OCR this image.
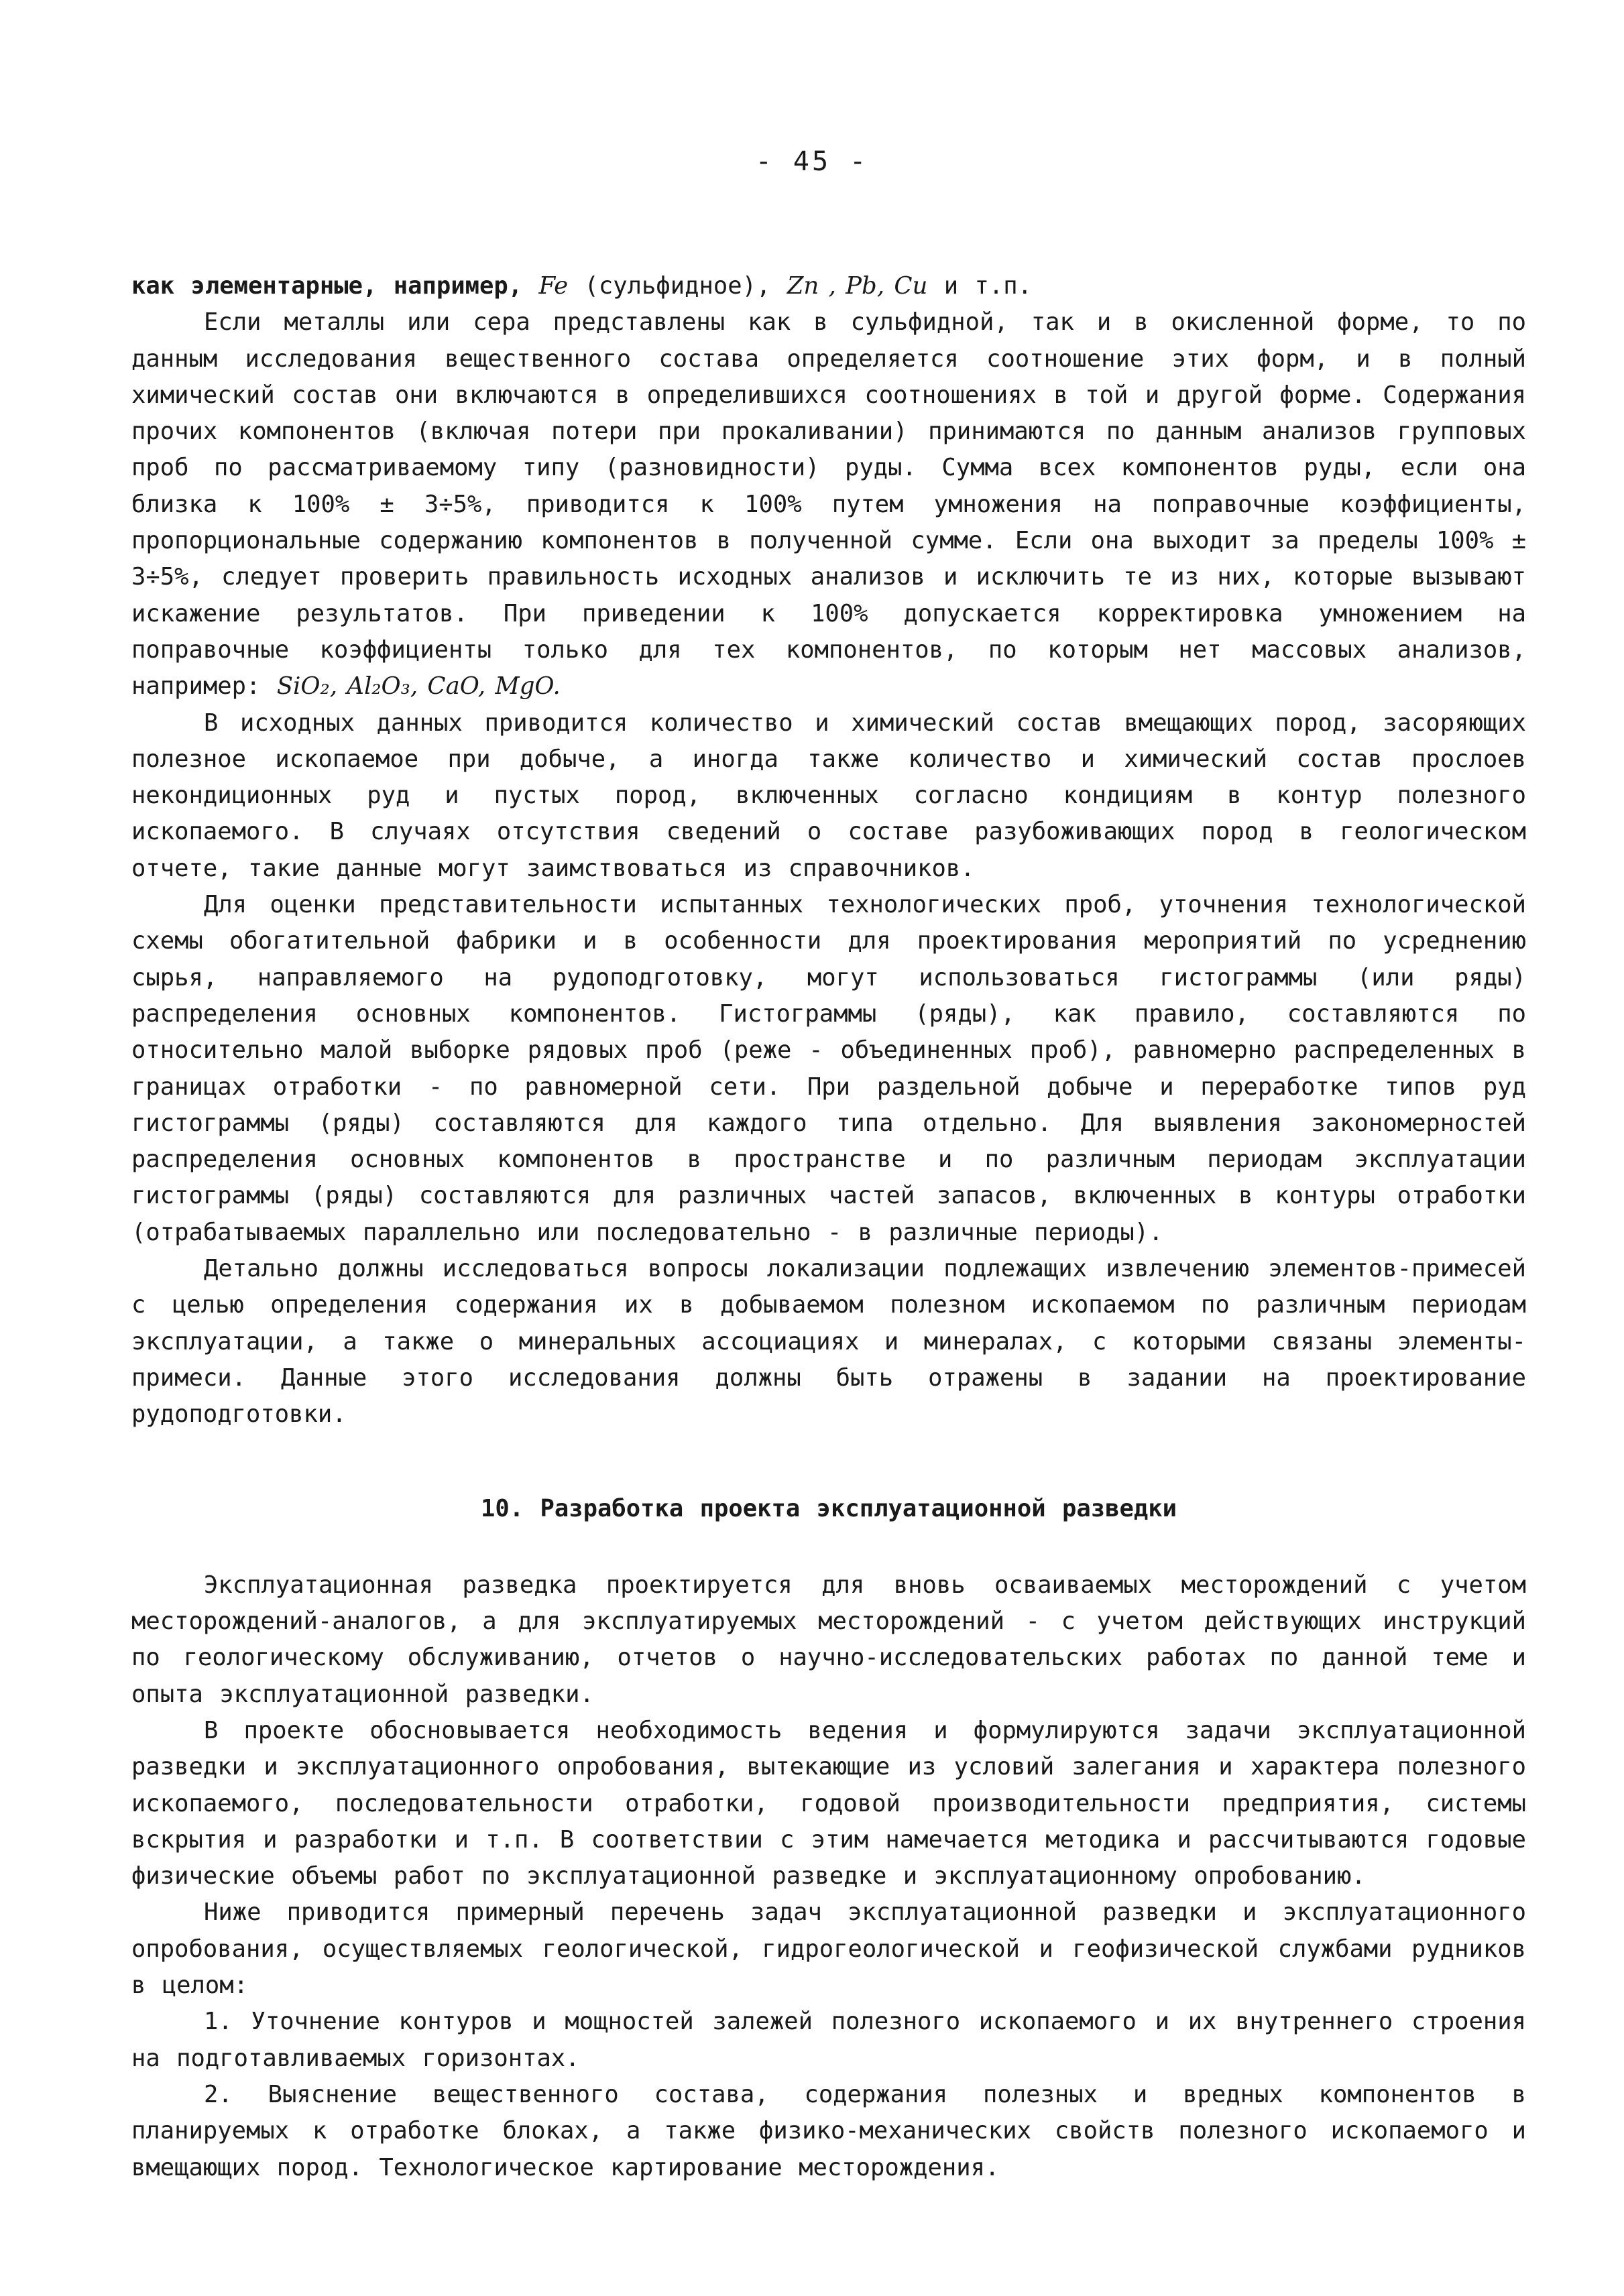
- 45 -

как элементарные, например, Fe (сульфидное), Zn , Pb, Cu и т.п.

Если металлы или сера представлены как в сульфидной, так и в окисленной форме, то по данным исследования вещественного состава определяется соотношение этих форм, и в полный химический состав они включаются в определившихся соотношениях в той и другой форме. Содержания прочих компонентов (включая потери при прокаливании) принимаются по данным анализов групповых проб по рассматриваемому типу (разновидности) руды. Сумма всех компонентов руды, если она близка к 100% ± 3÷5%, приводится к 100% путем умножения на поправочные коэффициенты, пропорциональные содержанию компонентов в полученной сумме. Если она выходит за пределы 100% ± 3÷5%, следует проверить правильность исходных анализов и исключить те из них, которые вызывают искажение результатов. При приведении к 100% допускается корректировка умножением на поправочные коэффициенты только для тех компонентов, по которым нет массовых анализов, например: SiO₂, Al₂O₃, CaO, MgO.

В исходных данных приводится количество и химический состав вмещающих пород, засоряющих полезное ископаемое при добыче, а иногда также количество и химический состав прослоев некондиционных руд и пустых пород, включенных согласно кондициям в контур полезного ископаемого. В случаях отсутствия сведений о составе разубоживающих пород в геологическом отчете, такие данные могут заимствоваться из справочников.

Для оценки представительности испытанных технологических проб, уточнения технологической схемы обогатительной фабрики и в особенности для проектирования мероприятий по усреднению сырья, направляемого на рудоподготовку, могут использоваться гистограммы (или ряды) распределения основных компонентов. Гистограммы (ряды), как правило, составляются по относительно малой выборке рядовых проб (реже - объединенных проб), равномерно распределенных в границах отработки - по равномерной сети. При раздельной добыче и переработке типов руд гистограммы (ряды) составляются для каждого типа отдельно. Для выявления закономерностей распределения основных компонентов в пространстве и по различным периодам эксплуатации гистограммы (ряды) составляются для различных частей запасов, включенных в контуры отработки (отрабатываемых параллельно или последовательно - в различные периоды).

Детально должны исследоваться вопросы локализации подлежащих извлечению элементов-примесей с целью определения содержания их в добываемом полезном ископаемом по различным периодам эксплуатации, а также о минеральных ассоциациях и минералах, с которыми связаны элементы-примеси. Данные этого исследования должны быть отражены в задании на проектирование рудоподготовки.

10. Разработка проекта эксплуатационной разведки

Эксплуатационная разведка проектируется для вновь осваиваемых месторождений с учетом месторождений-аналогов, а для эксплуатируемых месторождений - с учетом действующих инструкций по геологическому обслуживанию, отчетов о научно-исследовательских работах по данной теме и опыта эксплуатационной разведки.

В проекте обосновывается необходимость ведения и формулируются задачи эксплуатационной разведки и эксплуатационного опробования, вытекающие из условий залегания и характера полезного ископаемого, последовательности отработки, годовой производительности предприятия, системы вскрытия и разработки и т.п. В соответствии с этим намечается методика и рассчитываются годовые физические объемы работ по эксплуатационной разведке и эксплуатационному опробованию.

Ниже приводится примерный перечень задач эксплуатационной разведки и эксплуатационного опробования, осуществляемых геологической, гидрогеологической и геофизической службами рудников в целом:

1. Уточнение контуров и мощностей залежей полезного ископаемого и их внутреннего строения на подготавливаемых горизонтах.

2. Выяснение вещественного состава, содержания полезных и вредных компонентов в планируемых к отработке блоках, а также физико-механических свойств полезного ископаемого и вмещающих пород. Технологическое картирование месторождения.
